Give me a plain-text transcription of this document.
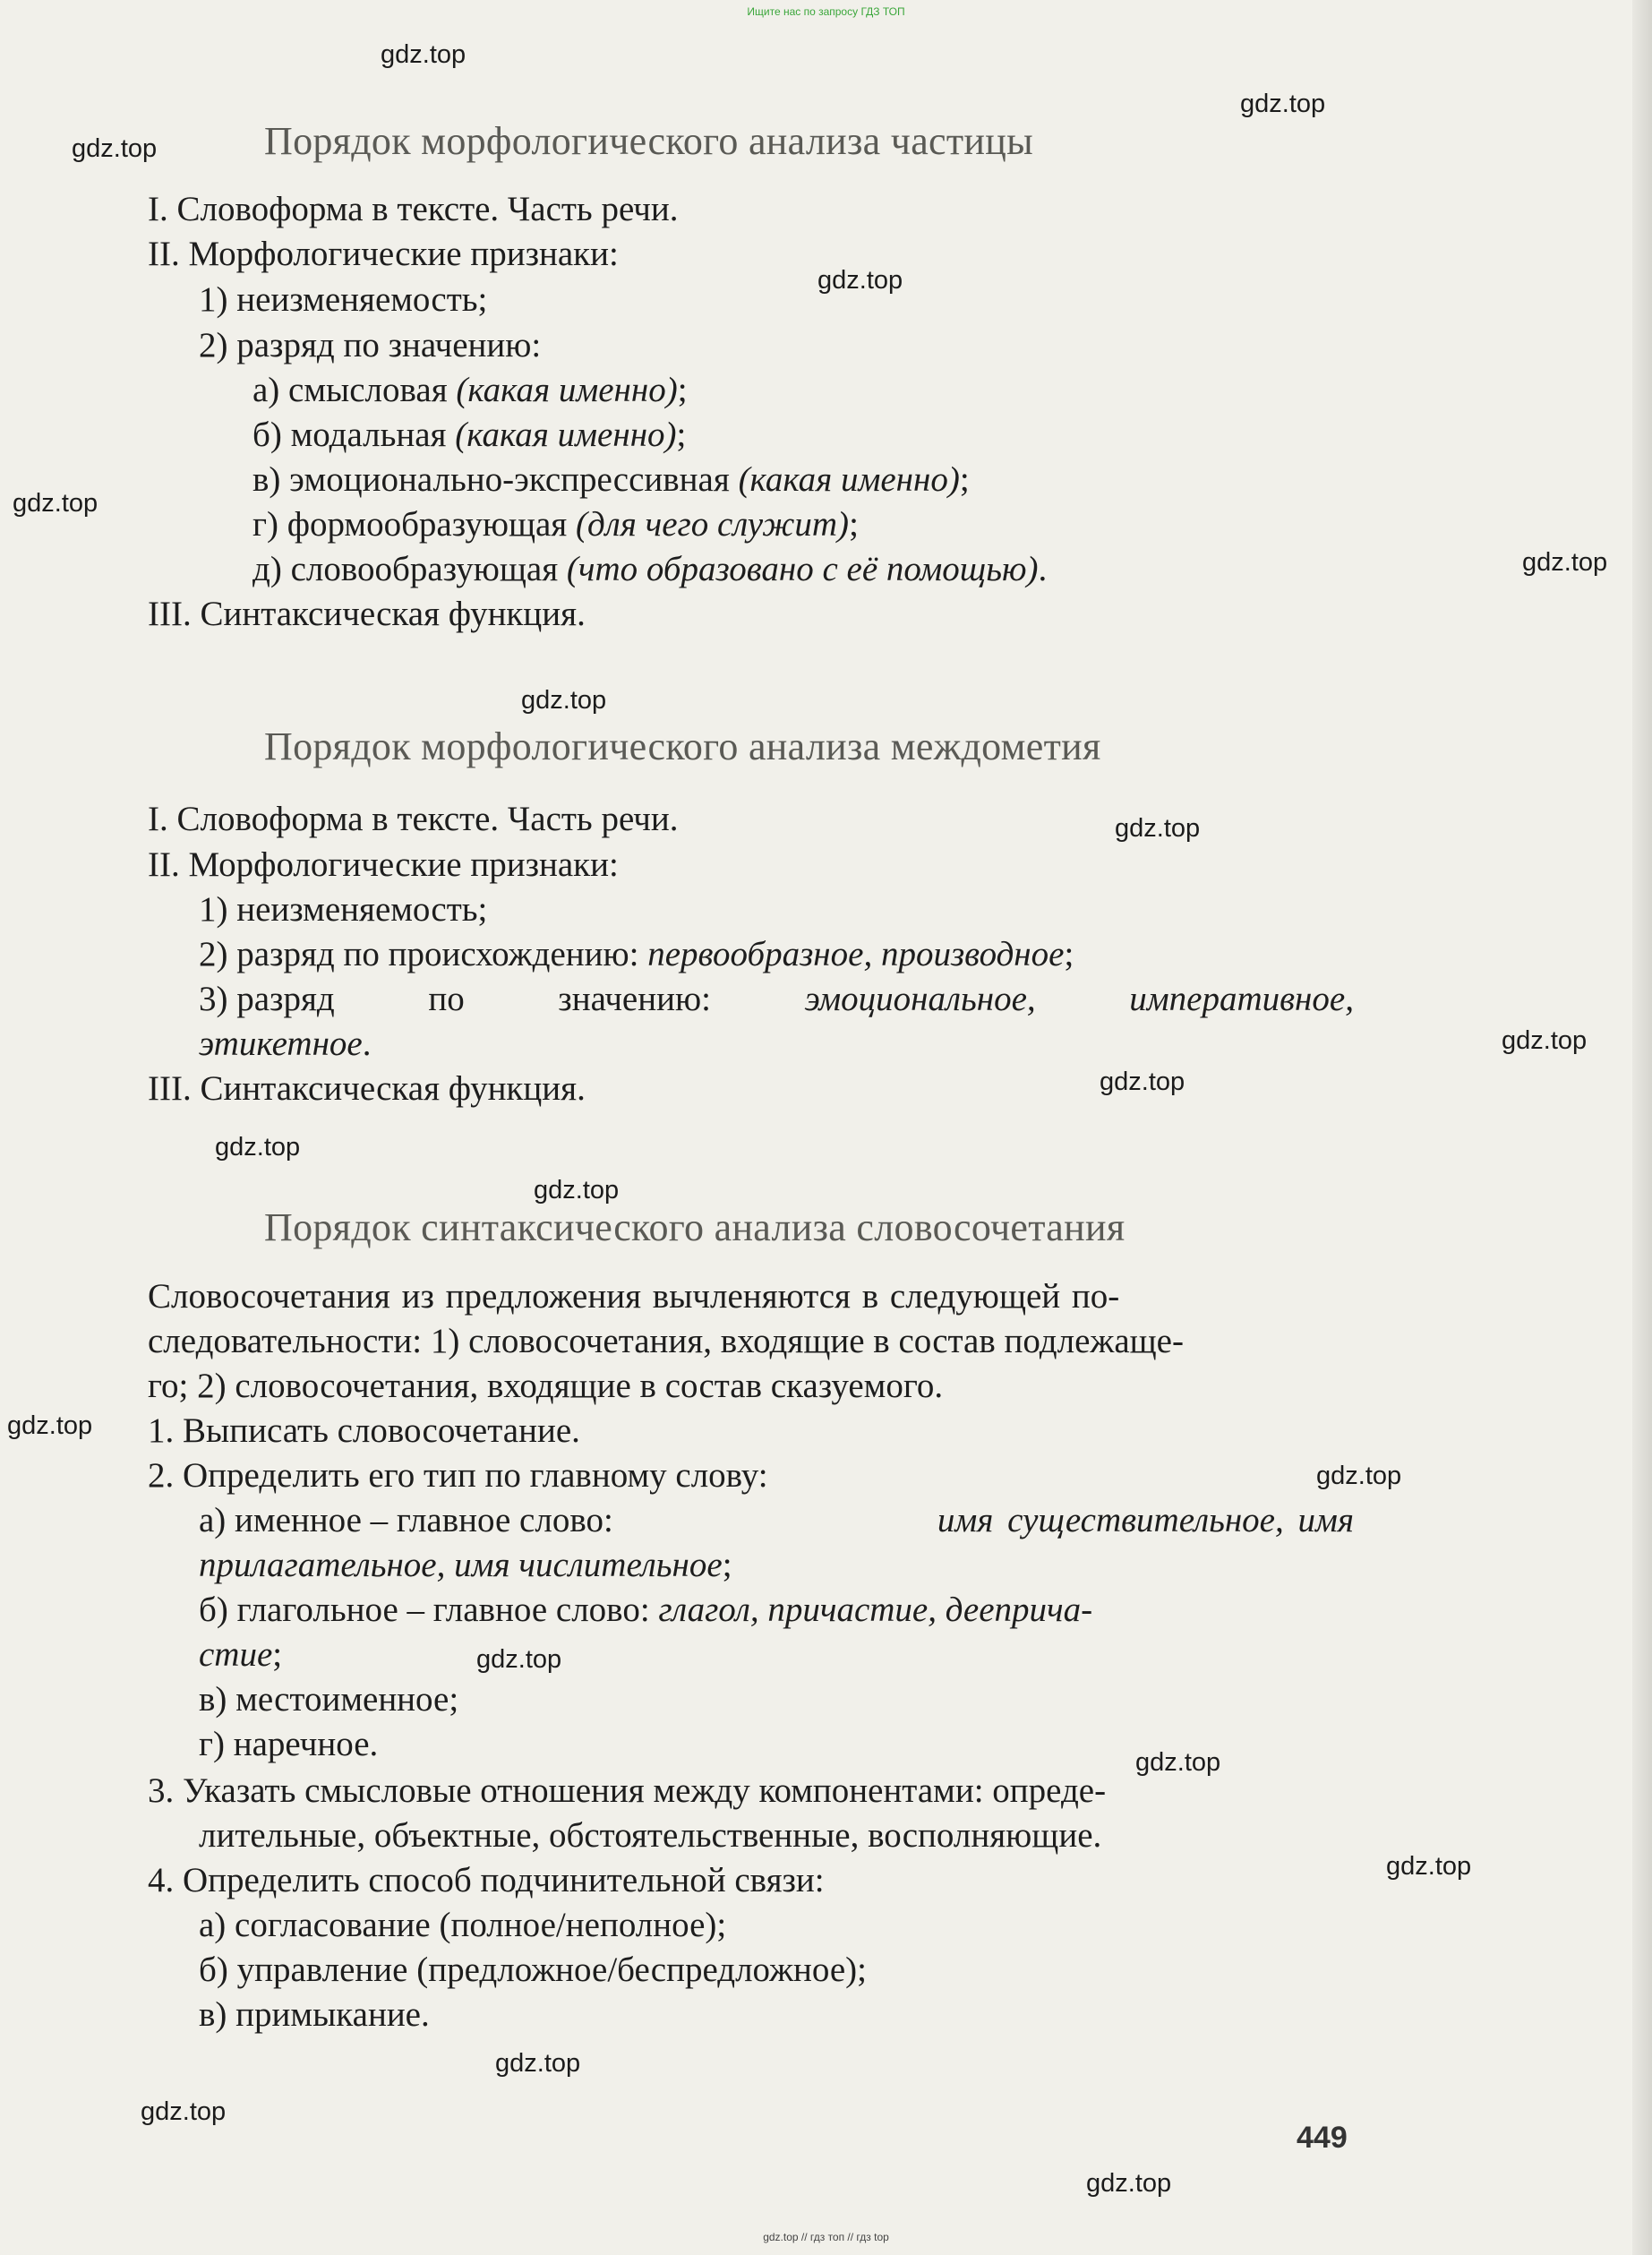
Ищите нас по запросу ГДЗ ТОП
Порядок морфологического анализа частицы
I. Словоформа в тексте. Часть речи.
II. Морфологические признаки:
1) неизменяемость;
2) разряд по значению:
а) смысловая (какая именно);
б) модальная (какая именно);
в) эмоционально-экспрессивная (какая именно);
г) формообразующая (для чего служит);
д) словообразующая (что образовано с её помощью).
III. Синтаксическая функция.
Порядок морфологического анализа междометия
I. Словоформа в тексте. Часть речи.
II. Морфологические признаки:
1) неизменяемость;
2) разряд по происхождению: первообразное, производное;
3) разряд	по	значению:	эмоциональное,	императивное,
этикетное.
III. Синтаксическая функция.
Порядок синтаксического анализа словосочетания
Словосочетания из предложения вычленяются в следующей по-
следовательности: 1) словосочетания, входящие в состав подлежаще-
го; 2) словосочетания, входящие в состав сказуемого.
1. Выписать словосочетание.
2. Определить его тип по главному слову:
а) именное – главное слово:	имя существительное, имя
прилагательное, имя числительное;
б) глагольное – главное слово: глагол, причастие, дееприча-
стие;
в) местоименное;
г) наречное.
3. Указать смысловые отношения между компонентами: опреде-
лительные, объектные, обстоятельственные, восполняющие.
4. Определить способ подчинительной связи:
а) согласование (полное/неполное);
б) управление (предложное/беспредложное);
в) примыкание.
449
gdz.top
gdz.top
gdz.top
gdz.top
gdz.top
gdz.top
gdz.top
gdz.top
gdz.top
gdz.top
gdz.top
gdz.top
gdz.top
gdz.top
gdz.top
gdz.top
gdz.top
gdz.top
gdz.top
gdz.top
gdz.top // гдз топ // гдз top
